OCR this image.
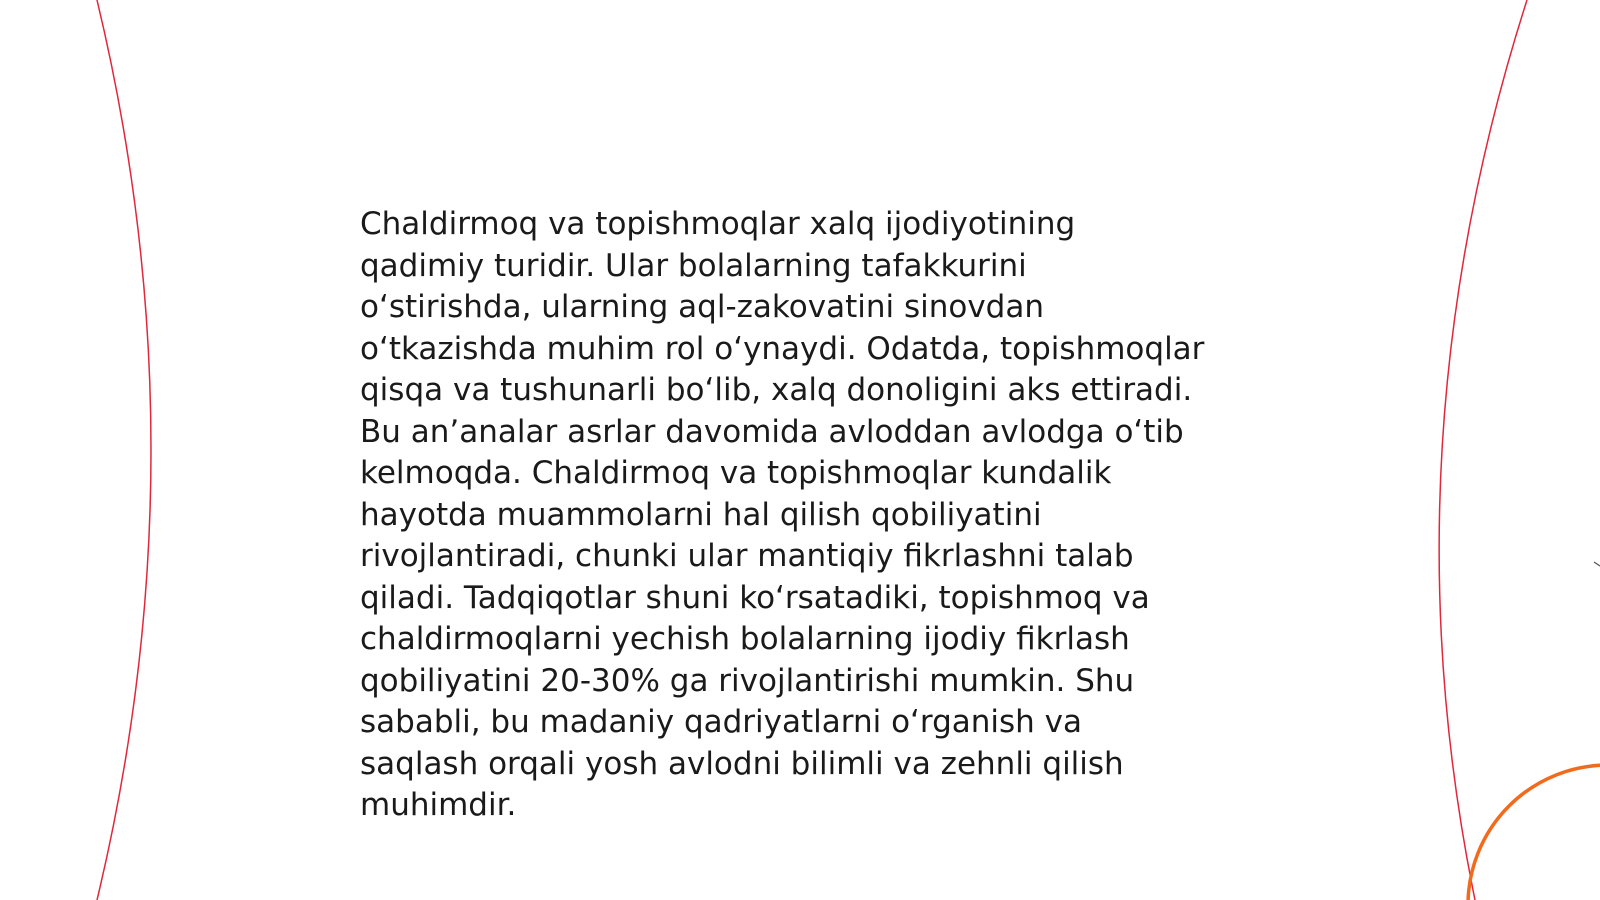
Chaldirmoq va topishmoqlar xalq ijodiyotining
qadimiy turidir. Ular bolalarning tafakkurini
o‘stirishda, ularning aql-zakovatini sinovdan
o‘tkazishda muhim rol o‘ynaydi. Odatda, topishmoqlar
qisqa va tushunarli bo‘lib, xalq donoligini aks ettiradi.
Bu an’analar asrlar davomida avloddan avlodga o‘tib
kelmoqda. Chaldirmoq va topishmoqlar kundalik
hayotda muammolarni hal qilish qobiliyatini
rivojlantiradi, chunki ular mantiqiy fikrlashni talab
qiladi. Tadqiqotlar shuni ko‘rsatadiki, topishmoq va
chaldirmoqlarni yechish bolalarning ijodiy fikrlash
qobiliyatini 20-30% ga rivojlantirishi mumkin. Shu
sababli, bu madaniy qadriyatlarni o‘rganish va
saqlash orqali yosh avlodni bilimli va zehnli qilish
muhimdir.
